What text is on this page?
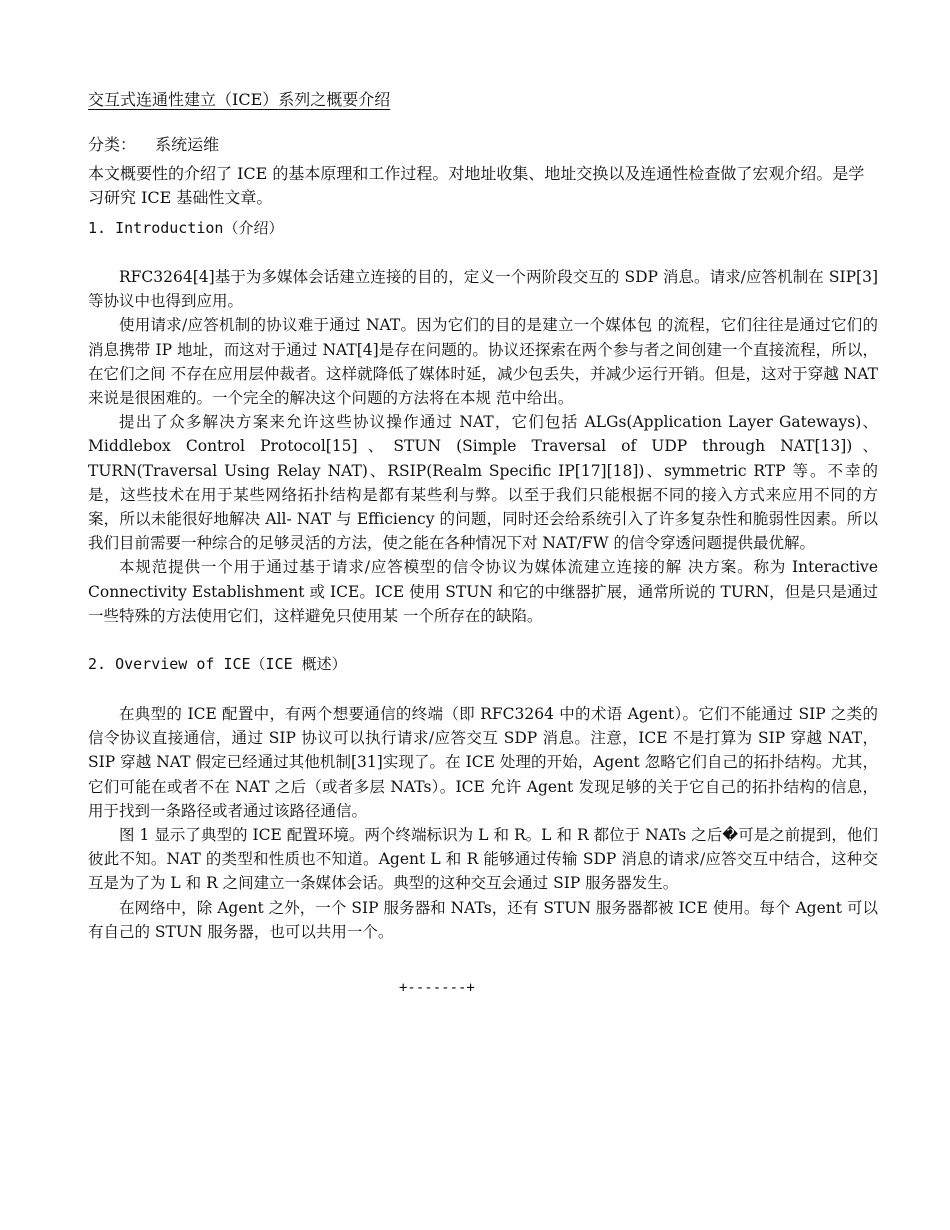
交互式连通性建立（ICE）系列之概要介绍
分类： 系统运维

本文概要性的介绍了 ICE 的基本原理和工作过程。对地址收集、地址交换以及连通性检查做了宏观介绍。是学习研究 ICE 基础性文章。

1. Introduction（介绍）

RFC3264[4]基于为多媒体会话建立连接的目的，定义一个两阶段交互的 SDP 消息。请求/应答机制在 SIP[3]等协议中也得到应用。

使用请求/应答机制的协议难于通过 NAT。因为它们的目的是建立一个媒体包 的流程，它们往往是通过它们的消息携带 IP 地址，而这对于通过 NAT[4]是存在问题的。协议还探索在两个参与者之间创建一个直接流程，所以， 在它们之间 不存在应用层仲裁者。这样就降低了媒体时延，减少包丢失，并减少运行开销。但是，这对于穿越 NAT 来说是很困难的。一个完全的解决这个问题的方法将在本规 范中给出。

提出了众多解决方案来允许这些协议操作通过 NAT，它们包括 ALGs(Application Layer Gateways)、Middlebox Control Protocol[15]、STUN (Simple Traversal of UDP through NAT[13])、TURN(Traversal Using Relay NAT)、RSIP(Realm Specific IP[17][18])、symmetric RTP 等。不幸的是，这些技术在用于某些网络拓扑结构是都有某些利与弊。以至于我们只能根据不同的接入方式来应用不同的方案，所以未能很好地解决 All- NAT 与 Efficiency 的问题，同时还会给系统引入了许多复杂性和脆弱性因素。所以我们目前需要一种综合的足够灵活的方法，使之能在各种情况下对 NAT/FW 的信令穿透问题提供最优解。

本规范提供一个用于通过基于请求/应答模型的信令协议为媒体流建立连接的解 决方案。称为 Interactive Connectivity Establishment 或 ICE。ICE 使用 STUN 和它的中继器扩展，通常所说的 TURN，但是只是通过一些特殊的方法使用它们，这样避免只使用某 一个所存在的缺陷。

2. Overview of ICE（ICE 概述）

在典型的 ICE 配置中，有两个想要通信的终端（即 RFC3264 中的术语 Agent）。它们不能通过 SIP 之类的信令协议直接通信，通过 SIP 协议可以执行请求/应答交互 SDP 消息。注意，ICE 不是打算为 SIP 穿越 NAT，SIP 穿越 NAT 假定已经通过其他机制[31]实现了。在 ICE 处理的开始，Agent 忽略它们自己的拓扑结构。尤其，它们可能在或者不在 NAT 之后（或者多层 NATs）。ICE 允许 Agent 发现足够的关于它自己的拓扑结构的信息，用于找到一条路径或者通过该路径通信。

图 1 显示了典型的 ICE 配置环境。两个终端标识为 L 和 R。L 和 R 都位于 NATs 之后�可是之前提到，他们彼此不知。NAT 的类型和性质也不知道。Agent L 和 R 能够通过传输 SDP 消息的请求/应答交互中结合，这种交互是为了为 L 和 R 之间建立一条媒体会话。典型的这种交互会通过 SIP 服务器发生。

在网络中，除 Agent 之外，一个 SIP 服务器和 NATs，还有 STUN 服务器都被 ICE 使用。每个 Agent 可以有自己的 STUN 服务器，也可以共用一个。

+-------+
